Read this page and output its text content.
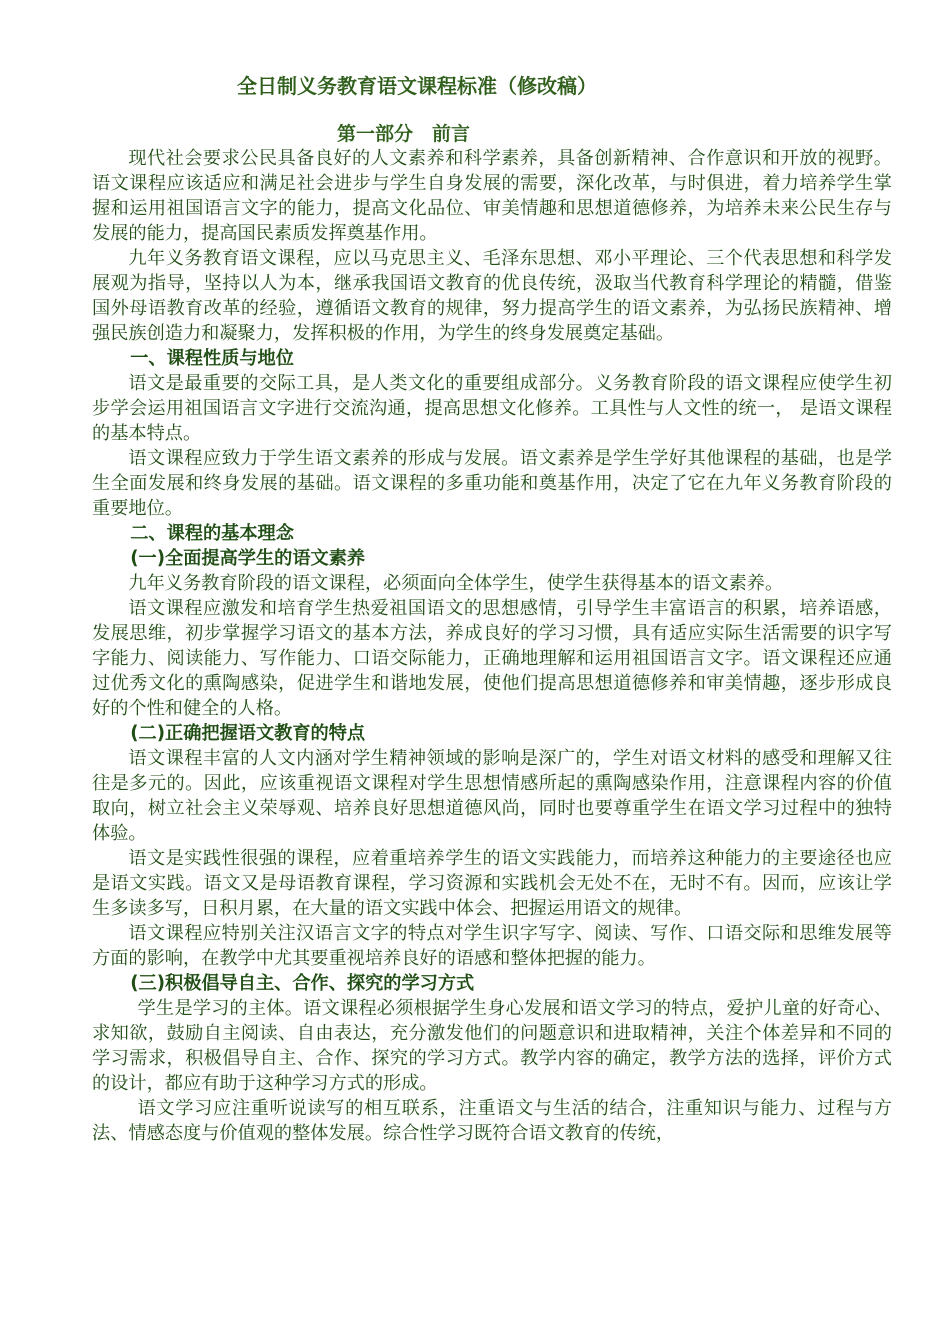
全日制义务教育语文课程标准（修改稿）
第一部分　前言

现代社会要求公民具备良好的人文素养和科学素养，具备创新精神、合作意识和开放的视野。语文课程应该适应和满足社会进步与学生自身发展的需要，深化改革，与时俱进，着力培养学生掌握和运用祖国语言文字的能力，提高文化品位、审美情趣和思想道德修养，为培养未来公民生存与发展的能力，提高国民素质发挥奠基作用。

九年义务教育语文课程，应以马克思主义、毛泽东思想、邓小平理论、三个代表思想和科学发展观为指导，坚持以人为本，继承我国语文教育的优良传统，汲取当代教育科学理论的精髓，借鉴国外母语教育改革的经验，遵循语文教育的规律，努力提高学生的语文素养，为弘扬民族精神、增强民族创造力和凝聚力，发挥积极的作用，为学生的终身发展奠定基础。

一、课程性质与地位

语文是最重要的交际工具，是人类文化的重要组成部分。义务教育阶段的语文课程应使学生初步学会运用祖国语言文字进行交流沟通，提高思想文化修养。工具性与人文性的统一， 是语文课程的基本特点。

语文课程应致力于学生语文素养的形成与发展。语文素养是学生学好其他课程的基础，也是学生全面发展和终身发展的基础。语文课程的多重功能和奠基作用，决定了它在九年义务教育阶段的重要地位。

二、课程的基本理念
(一)全面提高学生的语文素养

九年义务教育阶段的语文课程，必须面向全体学生，使学生获得基本的语文素养。

语文课程应激发和培育学生热爱祖国语文的思想感情，引导学生丰富语言的积累，培养语感，发展思维，初步掌握学习语文的基本方法，养成良好的学习习惯，具有适应实际生活需要的识字写字能力、阅读能力、写作能力、口语交际能力，正确地理解和运用祖国语言文字。语文课程还应通过优秀文化的熏陶感染，促进学生和谐地发展，使他们提高思想道德修养和审美情趣，逐步形成良好的个性和健全的人格。

(二)正确把握语文教育的特点

语文课程丰富的人文内涵对学生精神领域的影响是深广的，学生对语文材料的感受和理解又往往是多元的。因此，应该重视语文课程对学生思想情感所起的熏陶感染作用，注意课程内容的价值取向，树立社会主义荣辱观、培养良好思想道德风尚，同时也要尊重学生在语文学习过程中的独特体验。

语文是实践性很强的课程，应着重培养学生的语文实践能力，而培养这种能力的主要途径也应是语文实践。语文又是母语教育课程，学习资源和实践机会无处不在，无时不有。因而，应该让学生多读多写，日积月累，在大量的语文实践中体会、把握运用语文的规律。

语文课程应特别关注汉语言文字的特点对学生识字写字、阅读、写作、口语交际和思维发展等方面的影响，在教学中尤其要重视培养良好的语感和整体把握的能力。

(三)积极倡导自主、合作、探究的学习方式

学生是学习的主体。语文课程必须根据学生身心发展和语文学习的特点，爱护儿童的好奇心、求知欲，鼓励自主阅读、自由表达，充分激发他们的问题意识和进取精神，关注个体差异和不同的学习需求，积极倡导自主、合作、探究的学习方式。教学内容的确定，教学方法的选择，评价方式的设计，都应有助于这种学习方式的形成。

语文学习应注重听说读写的相互联系，注重语文与生活的结合，注重知识与能力、过程与方法、情感态度与价值观的整体发展。综合性学习既符合语文教育的传统，
